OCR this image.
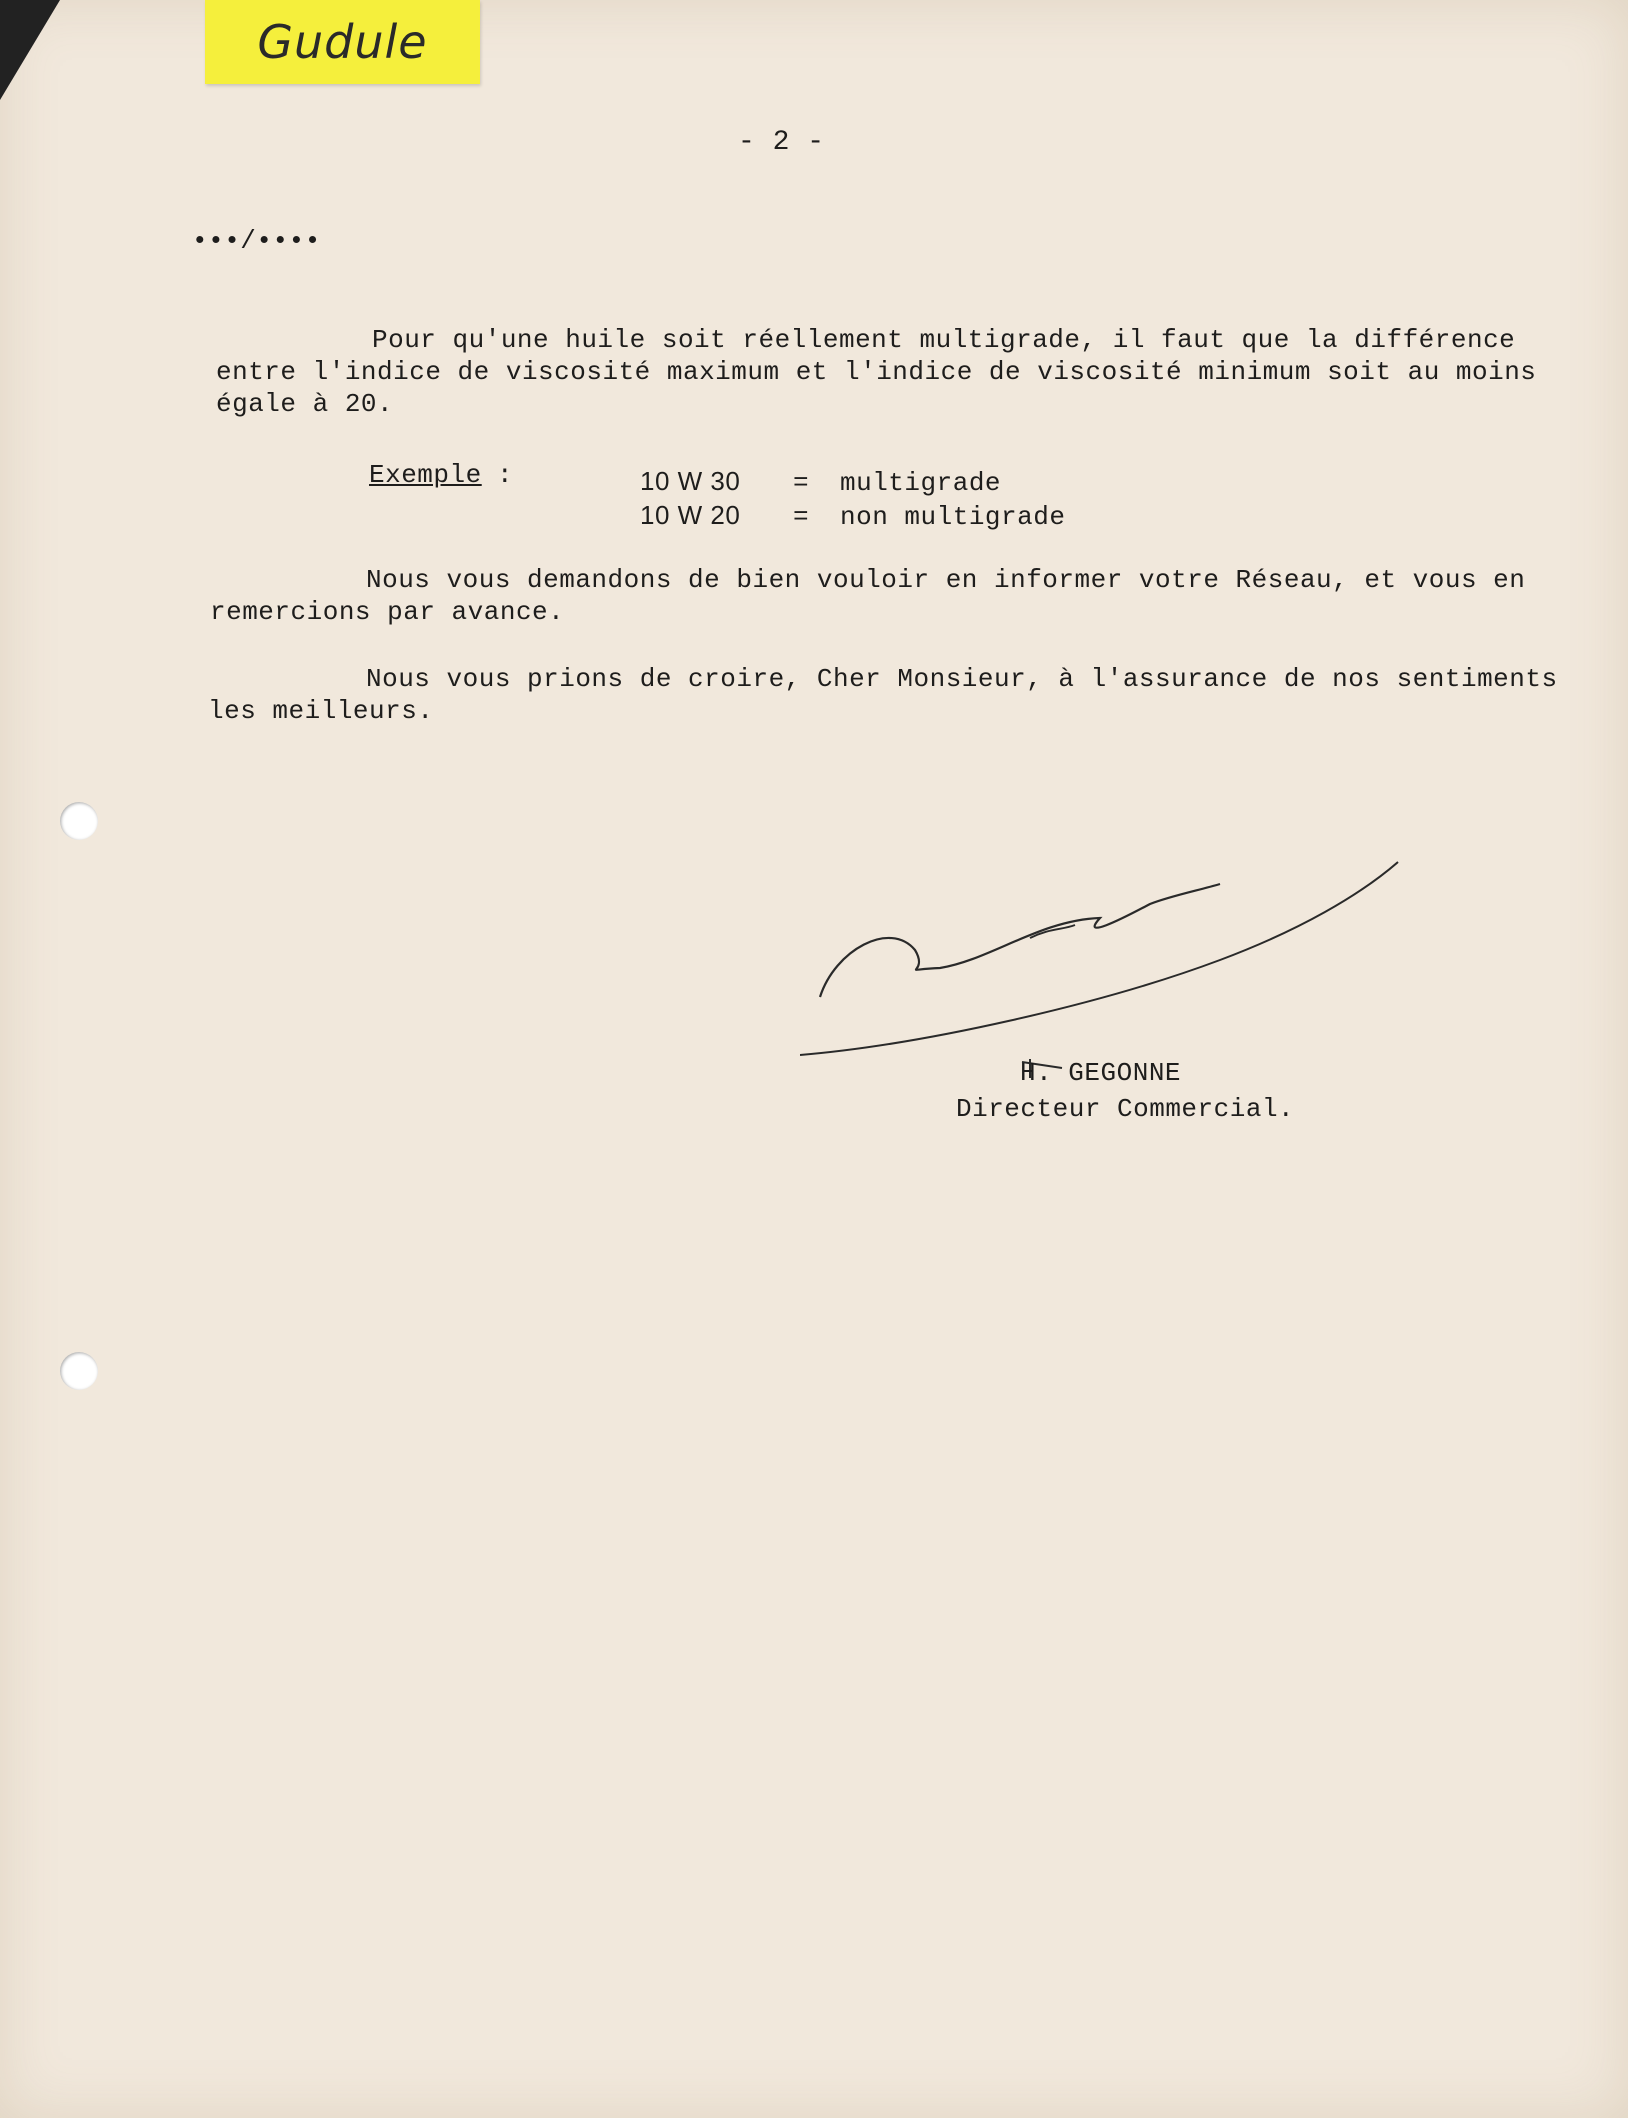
Gudule
- 2 -
•••/••••
Pour qu'une huile soit réellement multigrade, il faut que la différence
entre l'indice de viscosité maximum et l'indice de viscosité minimum soit au moins
égale à 20.
Exemple :	10 W 30 = multigrade
10 W 20 = non multigrade
Nous vous demandons de bien vouloir en informer votre Réseau, et vous en
remercions par avance.
Nous vous prions de croire, Cher Monsieur, à l'assurance de nos sentiments
les meilleurs.
H. GEGONNE
Directeur Commercial.
